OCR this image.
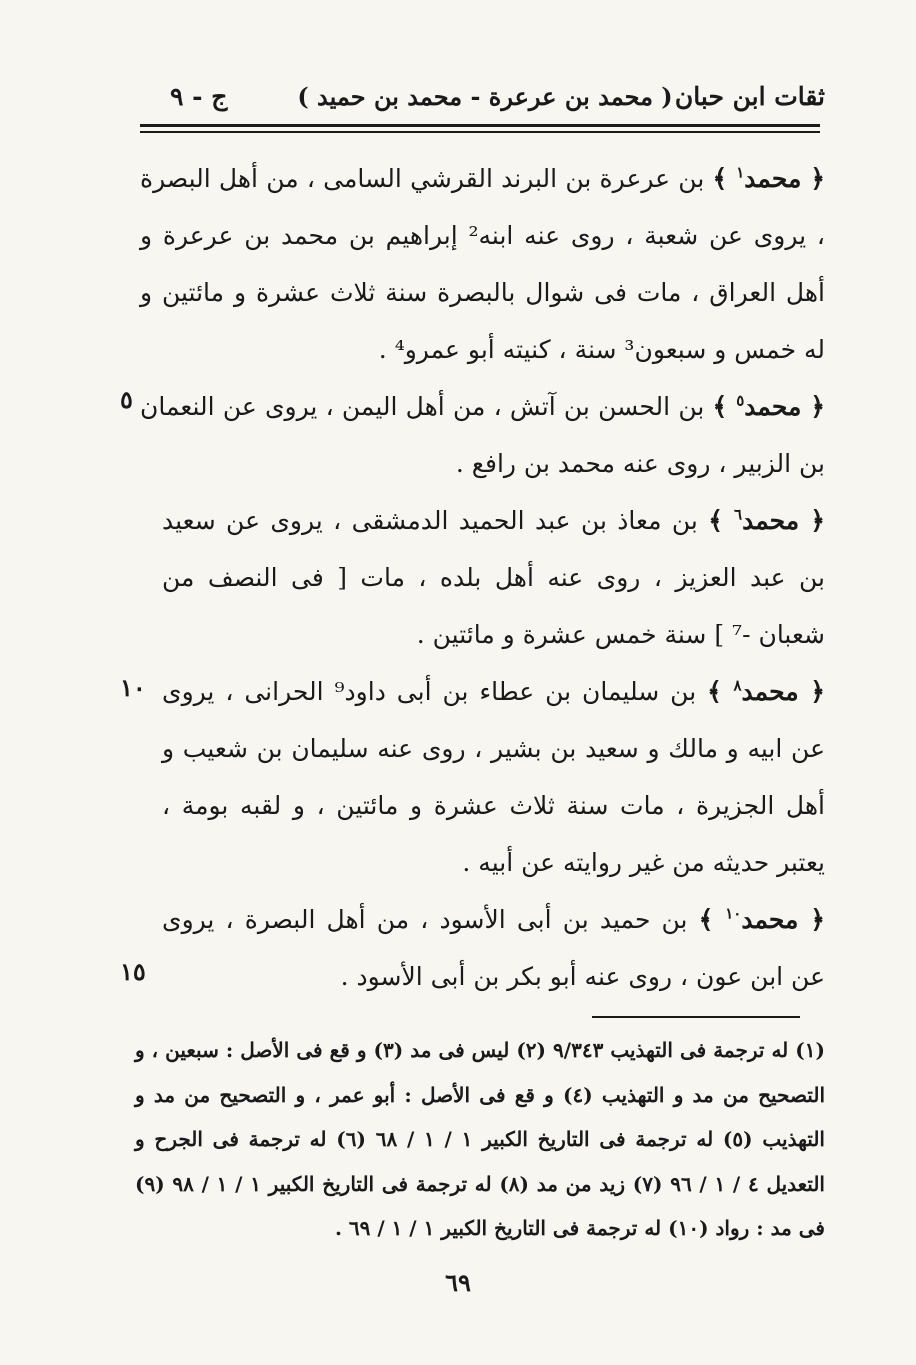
ثقات ابن حبان
( محمد بن عرعرة - محمد بن حميد )
ج - ٩

﴿ محمد$^١$ ﴾ بن عرعرة بن البرند القرشي السامى ، من أهل البصرة ، يروى عن شعبة ، روى عنه ابنه² إبراهيم بن محمد بن عرعرة و أهل العراق ، مات فى شوال بالبصرة سنة ثلاث عشرة و مائتين و له خمس و سبعون³ سنة ، كنيته أبو عمرو⁴ .

﴿ محمد$^٥$ ﴾ بن الحسن بن آتش ، من أهل اليمن ، يروى عن النعمان بن الزبير ، روى عنه محمد بن رافع .

﴿ محمد$^٦$ ﴾ بن معاذ بن عبد الحميد الدمشقى ، يروى عن سعيد بن عبد العزيز ، روى عنه أهل بلده ، مات [ فى النصف من شعبان -⁷ ] سنة خمس عشرة و مائتين .

﴿ محمد$^٨$ ﴾ بن سليمان بن عطاء بن أبى داود⁹ الحرانى ، يروى عن ابيه و مالك و سعيد بن بشير ، روى عنه سليمان بن شعيب و أهل الجزيرة ، مات سنة ثلاث عشرة و مائتين ، و لقبه بومة ، يعتبر حديثه من غير روايته عن أبيه .

﴿ محمد$^{١٠}$ ﴾ بن حميد بن أبى الأسود ، من أهل البصرة ، يروى عن ابن عون ، روى عنه أبو بكر بن أبى الأسود .

٥
١٠
١٥
(١) له ترجمة فى التهذيب ٩/٣٤٣ (٢) ليس فى مد (٣) و قع فى الأصل : سبعين ، و التصحيح من مد و التهذيب (٤) و قع فى الأصل : أبو عمر ، و التصحيح من مد و التهذيب (٥) له ترجمة فى التاريخ الكبير ١ / ١ / ٦٨ (٦) له ترجمة فى الجرح و التعديل ٤ / ١ / ٩٦ (٧) زيد من مد (٨) له ترجمة فى التاريخ الكبير ١ / ١ / ٩٨ (٩) فى مد : رواد (١٠) له ترجمة فى التاريخ الكبير ١ / ١ / ٦٩ .
٦٩
